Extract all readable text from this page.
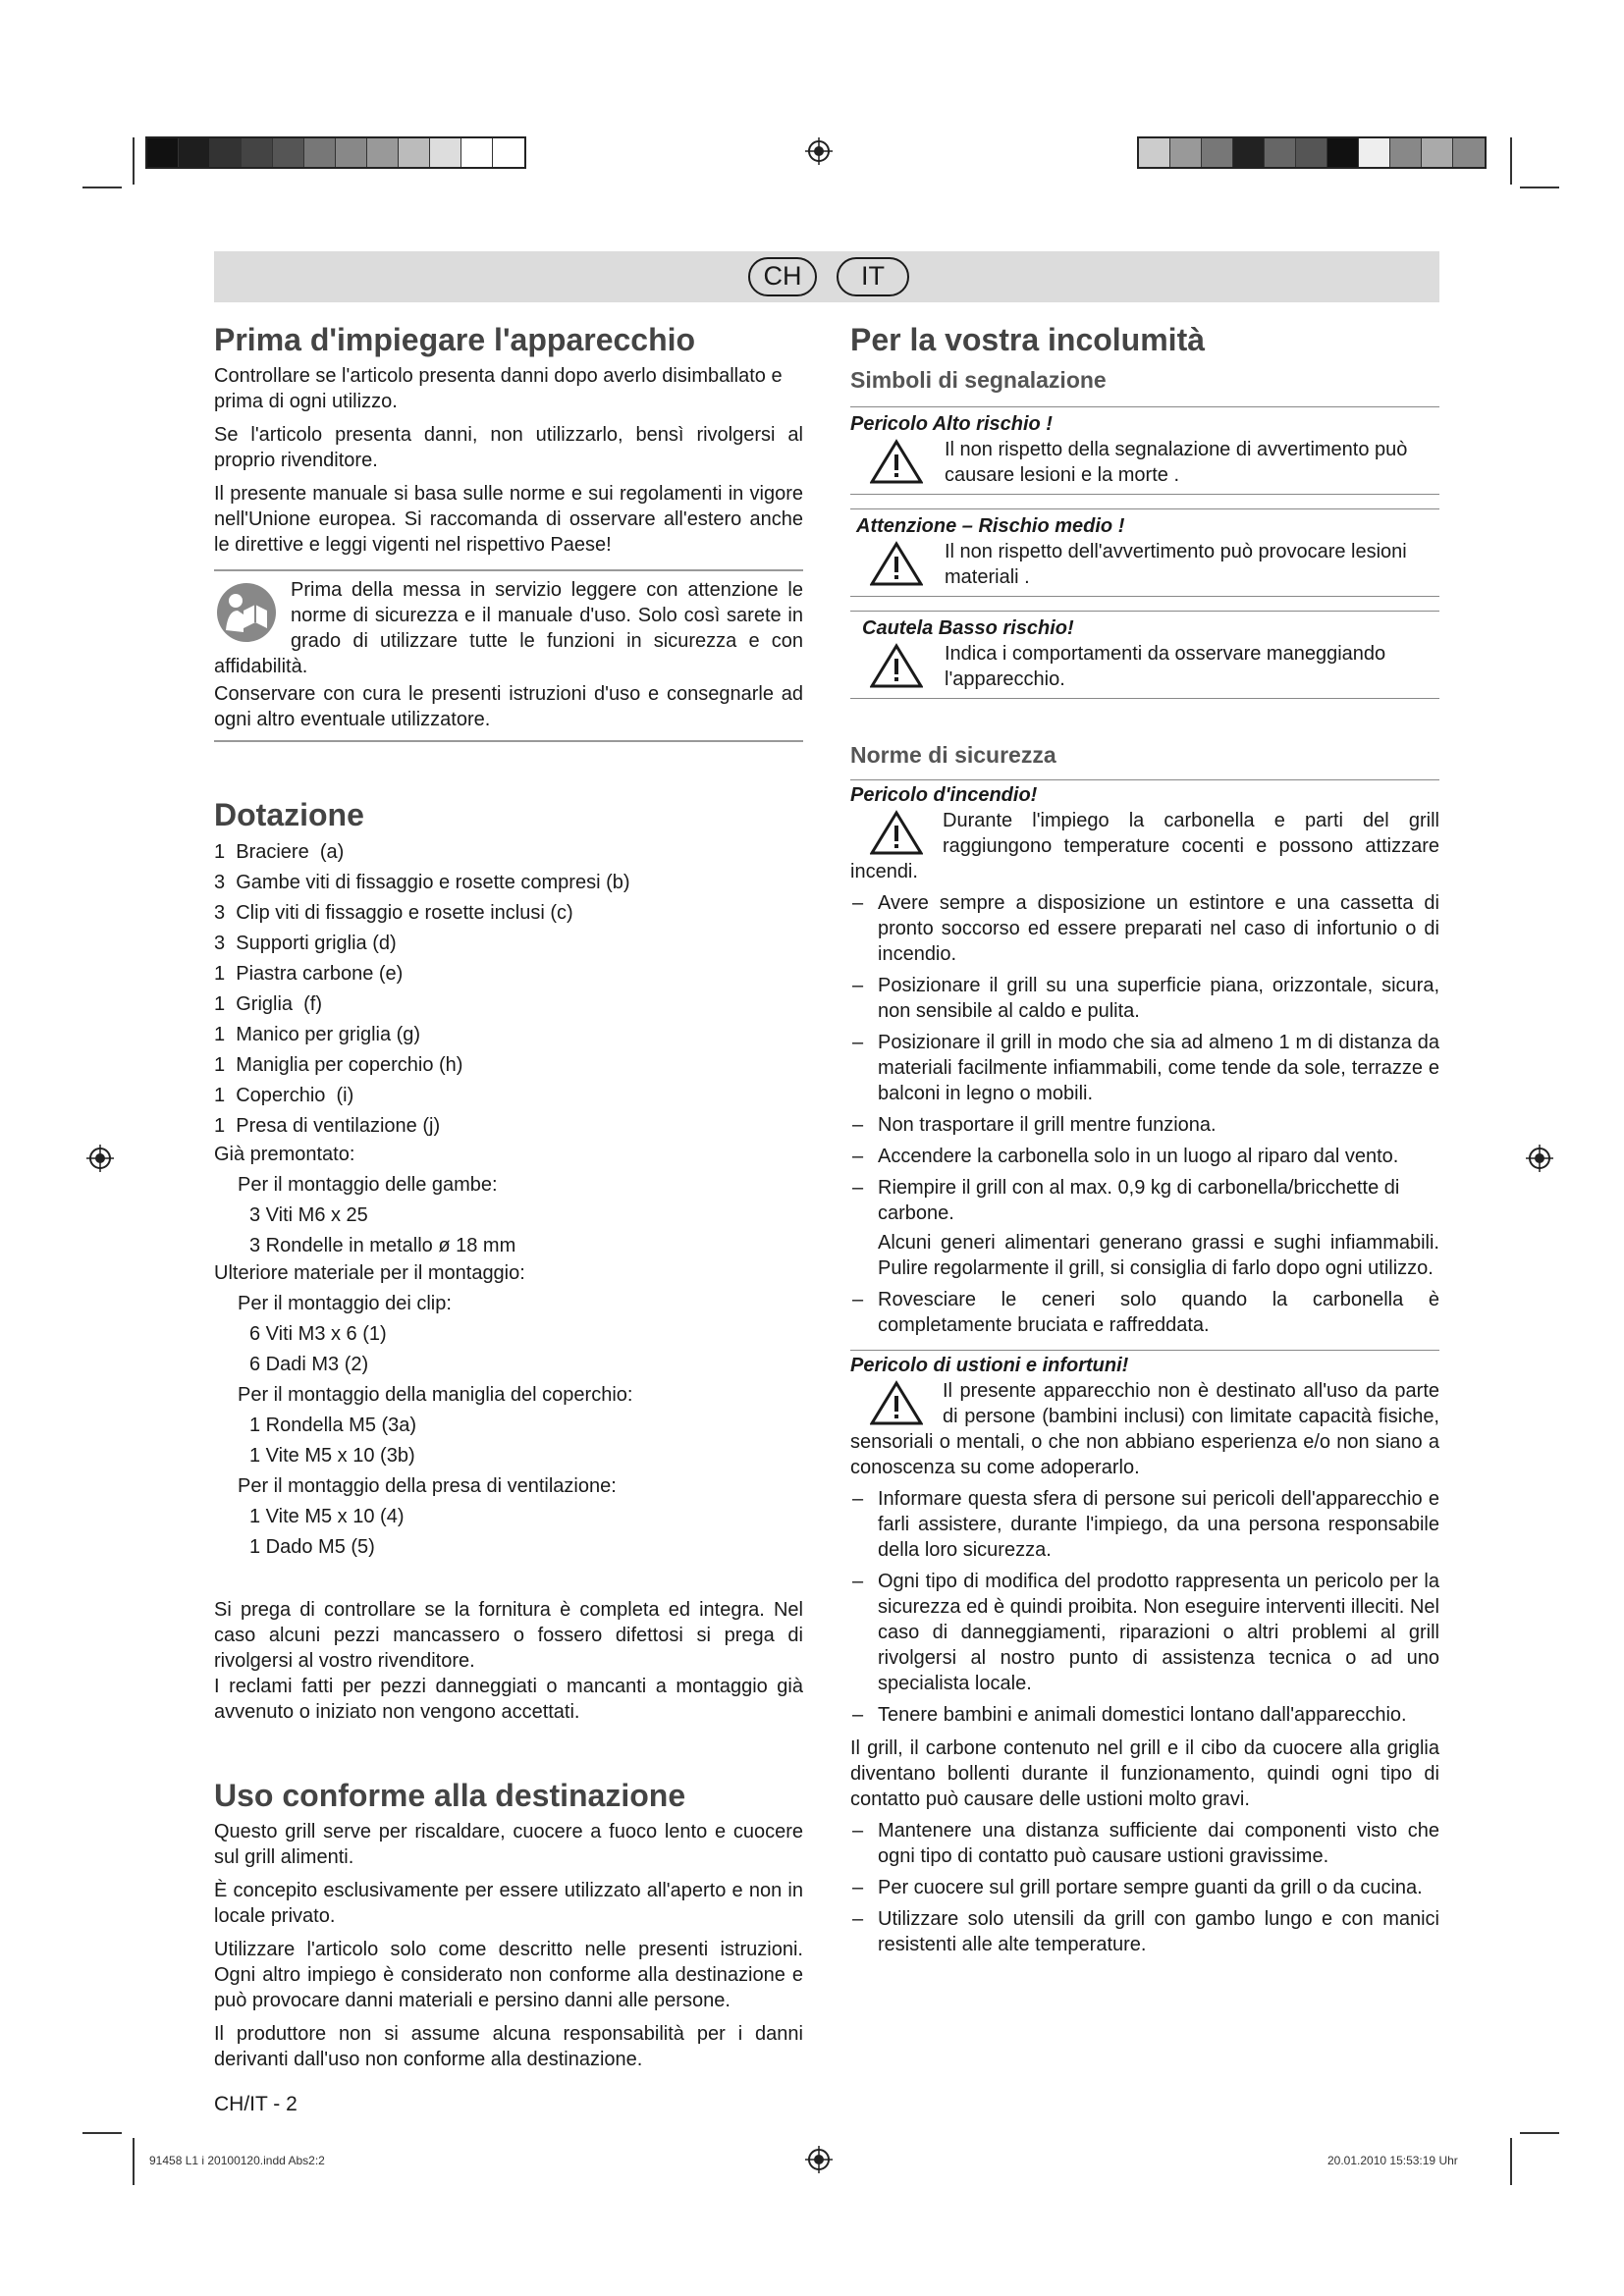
CH	IT
Prima d'impiegare l'apparecchio

Controllare se l'articolo presenta danni dopo averlo disimballato e prima di ogni utilizzo.

Se l'articolo presenta danni, non utilizzarlo, bensì rivolgersi al proprio rivenditore.

Il presente manuale si basa sulle norme e sui regolamenti in vigore nell'Unione europea. Si raccomanda di osservare all'estero anche le direttive e leggi vigenti nel rispettivo Paese!

Prima della messa in servizio leggere con attenzione le norme di sicurezza e il manuale d'uso. Solo così sarete in grado di utilizzare tutte le funzioni in sicurezza e con affidabilità.

Conservare con cura le presenti istruzioni d'uso e consegnarle ad ogni altro eventuale utilizzatore.

Dotazione
1  Braciere  (a)
3  Gambe viti di fissaggio e rosette compresi (b)
3  Clip viti di fissaggio e rosette inclusi (c)
3  Supporti griglia (d)
1  Piastra carbone (e)
1  Griglia  (f)
1  Manico per griglia (g)
1  Maniglia per coperchio (h)
1  Coperchio  (i)
1  Presa di ventilazione (j)
Già premontato:
Per il montaggio delle gambe:
3 Viti M6 x 25
3 Rondelle in metallo ø 18 mm
Ulteriore materiale per il montaggio:
Per il montaggio dei clip:
6 Viti M3 x 6 (1)
6 Dadi M3 (2)
Per il montaggio della maniglia del coperchio:
1 Rondella M5 (3a)
1 Vite M5 x 10 (3b)
Per il montaggio della presa di ventilazione:
1 Vite M5 x 10 (4)
1 Dado M5 (5)

Si prega di controllare se la fornitura è completa ed integra. Nel caso alcuni pezzi mancassero o fossero difettosi si prega di rivolgersi al vostro rivenditore.

I reclami fatti per pezzi danneggiati o mancanti a montaggio già avvenuto o iniziato non vengono accettati.

Uso conforme alla destinazione

Questo grill serve per riscaldare, cuocere a fuoco lento e cuocere sul grill alimenti.

È concepito esclusivamente per essere utilizzato all'aperto e non in locale privato.

Utilizzare l'articolo solo come descritto nelle presenti istruzioni. Ogni altro impiego è considerato non conforme alla destinazione e può provocare danni materiali e persino danni alle persone.

Il produttore non si assume alcuna responsabilità per i danni derivanti dall'uso non conforme alla destinazione.

CH/IT - 2
Per la vostra incolumità
Simboli di segnalazione
Pericolo Alto rischio !
Il non rispetto della segnalazione di avvertimento può causare lesioni e la morte .
Attenzione – Rischio medio !
Il non rispetto dell'avvertimento può provocare lesioni materiali .
Cautela Basso rischio!
Indica i comportamenti da osservare maneggiando l'apparecchio.
Norme di sicurezza
Pericolo d'incendio!
Durante l'impiego la carbonella e parti del grill raggiungono temperature cocenti e possono attizzare incendi.
– Avere sempre a disposizione un estintore e una cassetta di pronto soccorso ed essere preparati nel caso di infortunio o di incendio.
– Posizionare il grill su una superficie piana, orizzontale, sicura, non sensibile al caldo e pulita.
– Posizionare il grill in modo che sia ad almeno 1 m di distanza da materiali facilmente infiammabili, come tende da sole, terrazze e balconi in legno o mobili.
– Non trasportare il grill mentre funziona.
– Accendere la carbonella solo in un luogo al riparo dal vento.
– Riempire il grill con al max. 0,9 kg di carbonella/bricchette di carbone.

Alcuni generi alimentari generano grassi e sughi infiammabili. Pulire regolarmente il grill, si consiglia di farlo dopo ogni utilizzo.

– Rovesciare le ceneri solo quando la carbonella è completamente bruciata e raffreddata.
Pericolo di ustioni e infortuni!
Il presente apparecchio non è destinato all'uso da parte di persone (bambini inclusi) con limitate capacità fisiche, sensoriali o mentali, o che non abbiano esperienza e/o non siano a conoscenza su come adoperarlo.
– Informare questa sfera di persone sui pericoli dell'apparecchio e farli assistere, durante l'impiego, da una persona responsabile della loro sicurezza.
– Ogni tipo di modifica del prodotto rappresenta un pericolo per la sicurezza ed è quindi proibita. Non eseguire interventi illeciti. Nel caso di danneggiamenti, riparazioni o altri problemi al grill rivolgersi al nostro punto di assistenza tecnica o ad uno specialista locale.
– Tenere bambini e animali domestici lontano dall'apparecchio.

Il grill, il carbone contenuto nel grill e il cibo da cuocere alla griglia diventano bollenti durante il funzionamento, quindi ogni tipo di contatto può causare delle ustioni molto gravi.

– Mantenere una distanza sufficiente dai componenti visto che ogni tipo di contatto può causare ustioni gravissime.
– Per cuocere sul grill portare sempre guanti da grill o da cucina.
– Utilizzare solo utensili da grill con gambo lungo e con manici resistenti alle alte temperature.
91458 L1 i 20100120.indd Abs2:2	20.01.2010 15:53:19 Uhr
